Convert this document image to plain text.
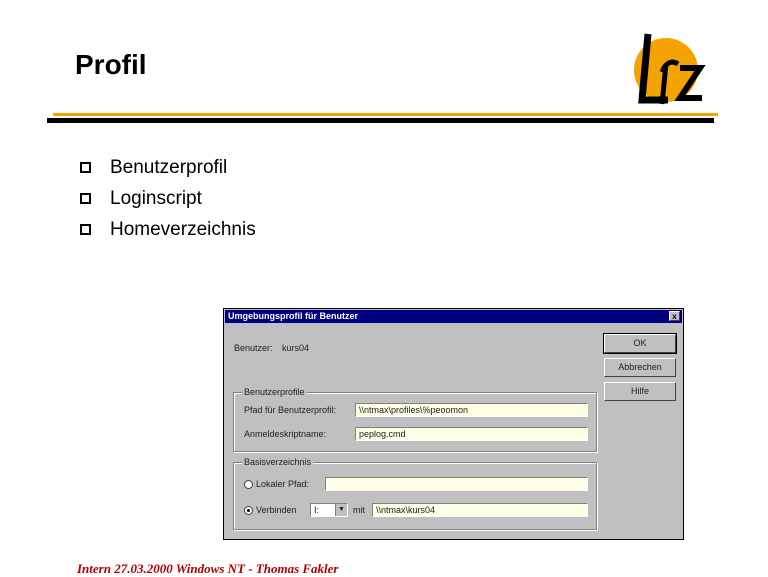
Profil
Benutzerprofil
Loginscript
Homeverzeichnis
Umgebungsprofil für Benutzer	x
Benutzer: kurs04	OK
Abbrechen
Hilfe
Benutzerprofile
Pfad für Benutzerprofil:	\\ntmax\profiles\%peoomon
Anmeldeskriptname:	peplog.cmd
Basisverzeichnis
Lokaler Pfad:
Verbinden	I:	▼ mit	\\ntmax\kurs04
Intern 27.03.2000 Windows NT - Thomas Fakler
